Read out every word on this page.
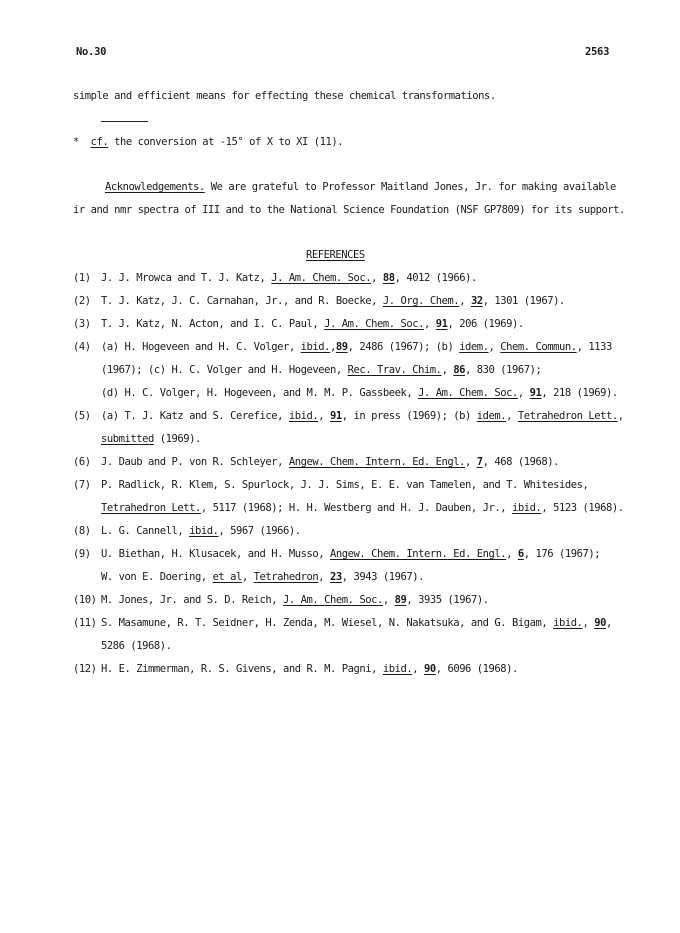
No.30	2563
simple and efficient means for effecting these chemical transformations.
* cf. the conversion at -15° of X to XI (11).
Acknowledgements. We are grateful to Professor Maitland Jones, Jr. for making available
ir and nmr spectra of III and to the National Science Foundation (NSF GP7809) for its support.
REFERENCES
(1) J. J. Mrowca and T. J. Katz, J. Am. Chem. Soc., 88, 4012 (1966).
(2) T. J. Katz, J. C. Carnahan, Jr., and R. Boecke, J. Org. Chem., 32, 1301 (1967).
(3) T. J. Katz, N. Acton, and I. C. Paul, J. Am. Chem. Soc., 91, 206 (1969).
(4) (a) H. Hogeveen and H. C. Volger, ibid.,89, 2486 (1967); (b) idem., Chem. Commun., 1133
(1967); (c) H. C. Volger and H. Hogeveen, Rec. Trav. Chim., 86, 830 (1967);
(d) H. C. Volger, H. Hogeveen, and M. M. P. Gassbeek, J. Am. Chem. Soc., 91, 218 (1969).
(5) (a) T. J. Katz and S. Cerefice, ibid., 91, in press (1969); (b) idem., Tetrahedron Lett.,
submitted (1969).
(6) J. Daub and P. von R. Schleyer, Angew. Chem. Intern. Ed. Engl., 7, 468 (1968).
(7) P. Radlick, R. Klem, S. Spurlock, J. J. Sims, E. E. van Tamelen, and T. Whitesides,
Tetrahedron Lett., 5117 (1968); H. H. Westberg and H. J. Dauben, Jr., ibid., 5123 (1968).
(8) L. G. Cannell, ibid., 5967 (1966).
(9) U. Biethan, H. Klusacek, and H. Musso, Angew. Chem. Intern. Ed. Engl., 6, 176 (1967);
W. von E. Doering, et al, Tetrahedron, 23, 3943 (1967).
(10) M. Jones, Jr. and S. D. Reich, J. Am. Chem. Soc., 89, 3935 (1967).
(11) S. Masamune, R. T. Seidner, H. Zenda, M. Wiesel, N. Nakatsuka, and G. Bigam, ibid., 90,
5286 (1968).
(12) H. E. Zimmerman, R. S. Givens, and R. M. Pagni, ibid., 90, 6096 (1968).
